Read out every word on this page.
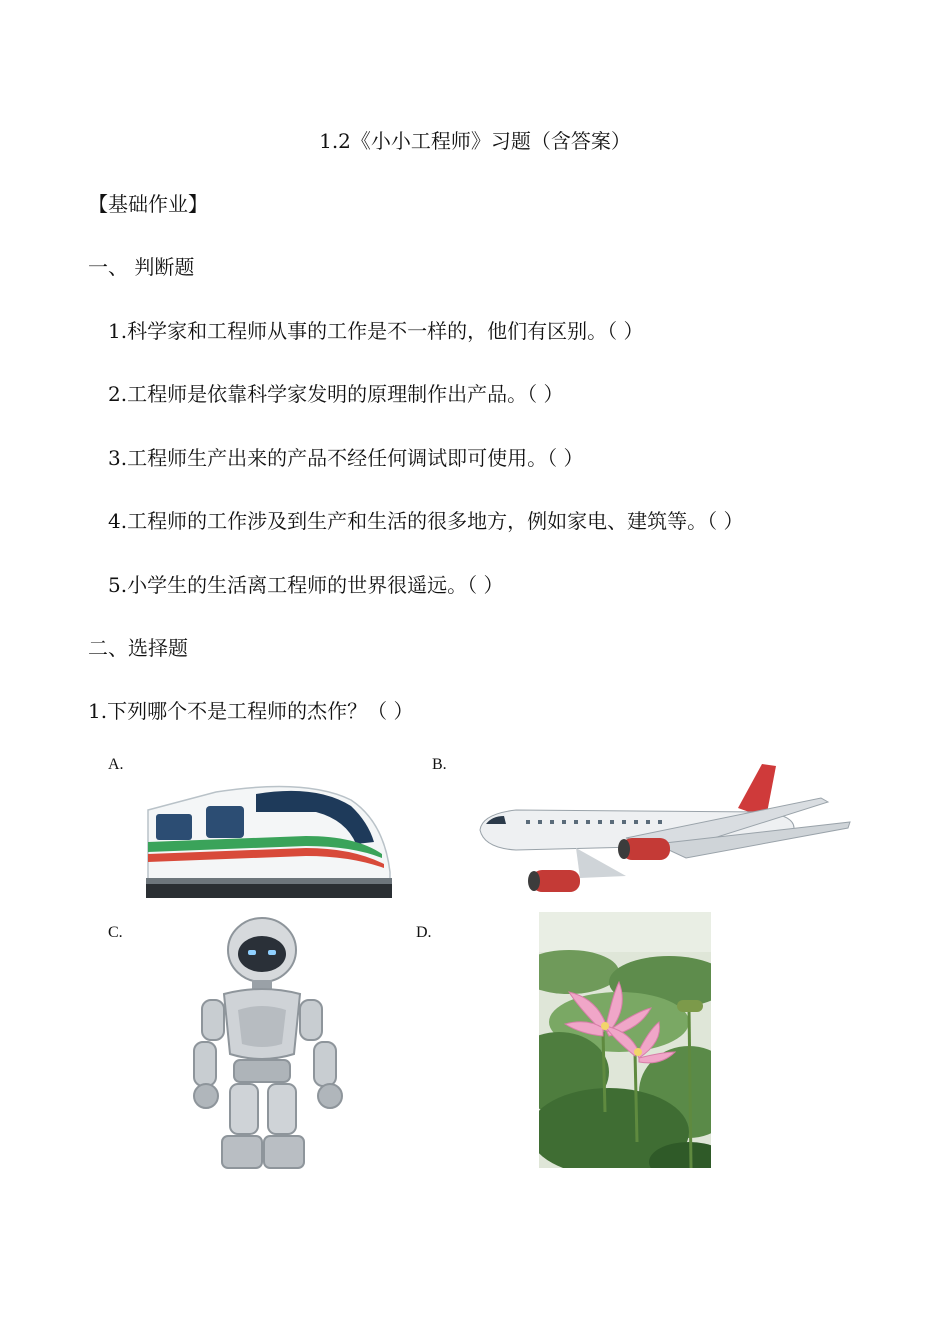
1.2《小小工程师》习题（含答案）
【基础作业】
一、 判断题
1.科学家和工程师从事的工作是不一样的，他们有区别。（ ）
2.工程师是依靠科学家发明的原理制作出产品。（ ）
3.工程师生产出来的产品不经任何调试即可使用。（ ）
4.工程师的工作涉及到生产和生活的很多地方，例如家电、建筑等。（ ）
5.小学生的生活离工程师的世界很遥远。（ ）
二、选择题
1.下列哪个不是工程师的杰作？（ ）
A.	B.
C.	D.
